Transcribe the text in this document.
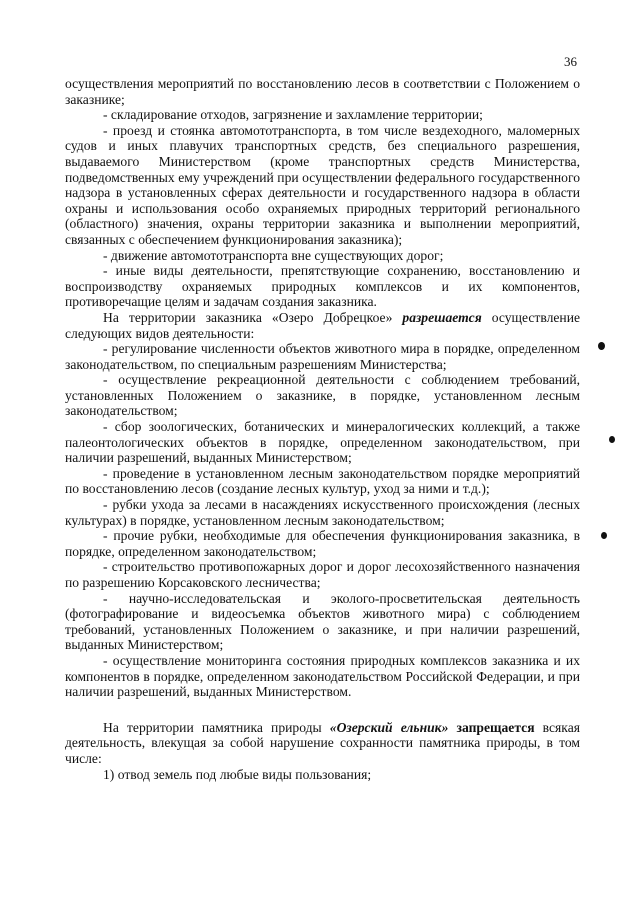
36

осуществления мероприятий по восстановлению лесов в соответствии с Положением о заказнике;

- складирование отходов, загрязнение и захламление территории;

- проезд и стоянка автомототранспорта, в том числе вездеходного, маломерных судов и иных плавучих транспортных средств, без специального разрешения, выдаваемого Министерством (кроме транспортных средств Министерства, подведомственных ему учреждений при осуществлении федерального государственного надзора в установленных сферах деятельности и государственного надзора в области охраны и использования особо охраняемых природных территорий регионального (областного) значения, охраны территории заказника и выполнении мероприятий, связанных с обеспечением функционирования заказника);

- движение автомототранспорта вне существующих дорог;

- иные виды деятельности, препятствующие сохранению, восстановлению и воспроизводству охраняемых природных комплексов и их компонентов, противоречащие целям и задачам создания заказника.

На территории заказника «Озеро Добрецкое» разрешается осуществление следующих видов деятельности:

- регулирование численности объектов животного мира в порядке, определенном законодательством, по специальным разрешениям Министерства;

- осуществление рекреационной деятельности с соблюдением требований, установленных Положением о заказнике, в порядке, установленном лесным законодательством;

- сбор зоологических, ботанических и минералогических коллекций, а также палеонтологических объектов в порядке, определенном законодательством, при наличии разрешений, выданных Министерством;

- проведение в установленном лесным законодательством порядке мероприятий по восстановлению лесов (создание лесных культур, уход за ними и т.д.);

- рубки ухода за лесами в насаждениях искусственного происхождения (лесных культурах) в порядке, установленном лесным законодательством;

- прочие рубки, необходимые для обеспечения функционирования заказника, в порядке, определенном законодательством;

- строительство противопожарных дорог и дорог лесохозяйственного назначения по разрешению Корсаковского лесничества;

- научно-исследовательская и эколого-просветительская деятельность (фотографирование и видеосъемка объектов животного мира) с соблюдением требований, установленных Положением о заказнике, и при наличии разрешений, выданных Министерством;

- осуществление мониторинга состояния природных комплексов заказника и их компонентов в порядке, определенном законодательством Российской Федерации, и при наличии разрешений, выданных Министерством.

На территории памятника природы «Озерский ельник» запрещается всякая деятельность, влекущая за собой нарушение сохранности памятника природы, в том числе:

1) отвод земель под любые виды пользования;
